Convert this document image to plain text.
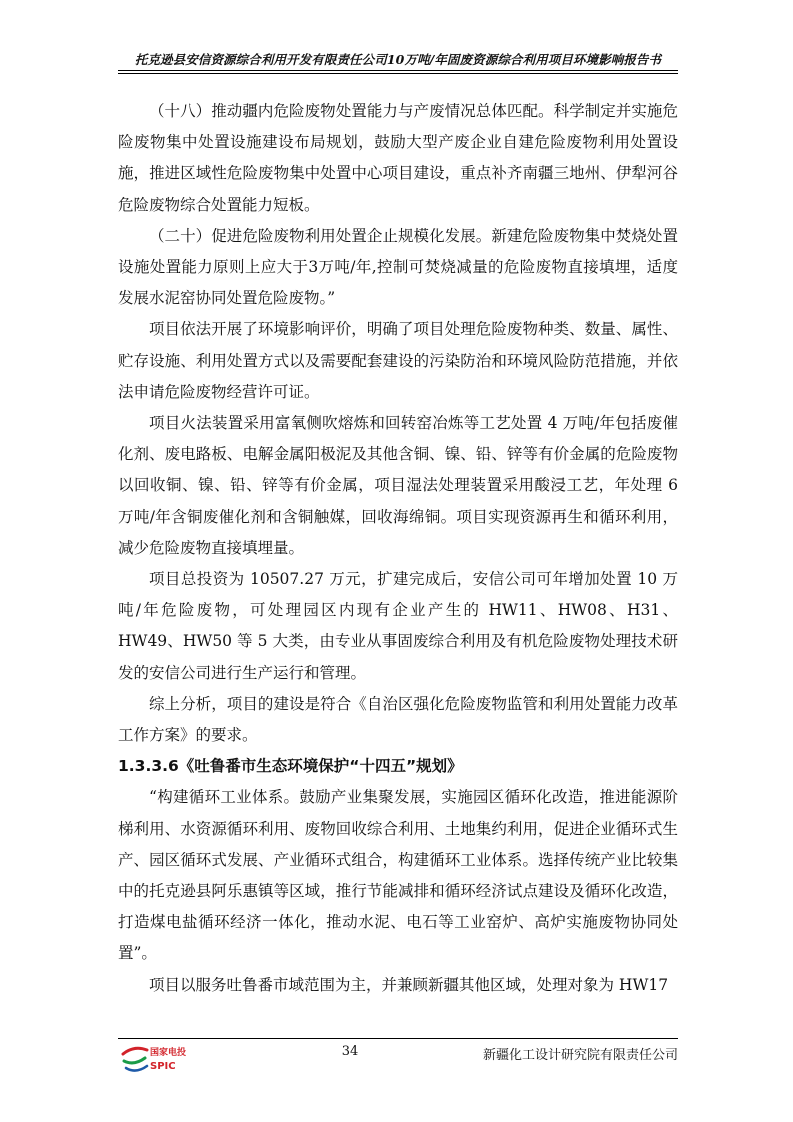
托克逊县安信资源综合利用开发有限责任公司10万吨/年固废资源综合利用项目环境影响报告书

（十八）推动疆内危险废物处置能力与产废情况总体匹配。科学制定并实施危险废物集中处置设施建设布局规划，鼓励大型产废企业自建危险废物利用处置设施，推进区域性危险废物集中处置中心项目建设，重点补齐南疆三地州、伊犁河谷危险废物综合处置能力短板。

（二十）促进危险废物利用处置企止规模化发展。新建危险废物集中焚烧处置设施处置能力原则上应大于3万吨/年,控制可焚烧减量的危险废物直接填埋，适度发展水泥窑协同处置危险废物。”

项目依法开展了环境影响评价，明确了项目处理危险废物种类、数量、属性、贮存设施、利用处置方式以及需要配套建设的污染防治和环境风险防范措施，并依法申请危险废物经营许可证。

项目火法装置采用富氧侧吹熔炼和回转窑冶炼等工艺处置 4 万吨/年包括废催化剂、废电路板、电解金属阳极泥及其他含铜、镍、铅、锌等有价金属的危险废物以回收铜、镍、铅、锌等有价金属，项目湿法处理装置采用酸浸工艺，年处理 6 万吨/年含铜废催化剂和含铜触媒，回收海绵铜。项目实现资源再生和循环利用，减少危险废物直接填埋量。

项目总投资为 10507.27 万元，扩建完成后，安信公司可年增加处置 10 万吨/年危险废物，可处理园区内现有企业产生的 HW11、HW08、H31、HW49、HW50 等 5 大类，由专业从事固废综合利用及有机危险废物处理技术研发的安信公司进行生产运行和管理。

综上分析，项目的建设是符合《自治区强化危险废物监管和利用处置能力改革工作方案》的要求。

1.3.3.6《吐鲁番市生态环境保护“十四五”规划》

“构建循环工业体系。鼓励产业集聚发展，实施园区循环化改造，推进能源阶梯利用、水资源循环利用、废物回收综合利用、土地集约利用，促进企业循环式生产、园区循环式发展、产业循环式组合，构建循环工业体系。选择传统产业比较集中的托克逊县阿乐惠镇等区域，推行节能减排和循环经济试点建设及循环化改造，打造煤电盐循环经济一体化，推动水泥、电石等工业窑炉、高炉实施废物协同处置”。

项目以服务吐鲁番市域范围为主，并兼顾新疆其他区域，处理对象为 HW17

国家电投
SPIC
34	新疆化工设计研究院有限责任公司
